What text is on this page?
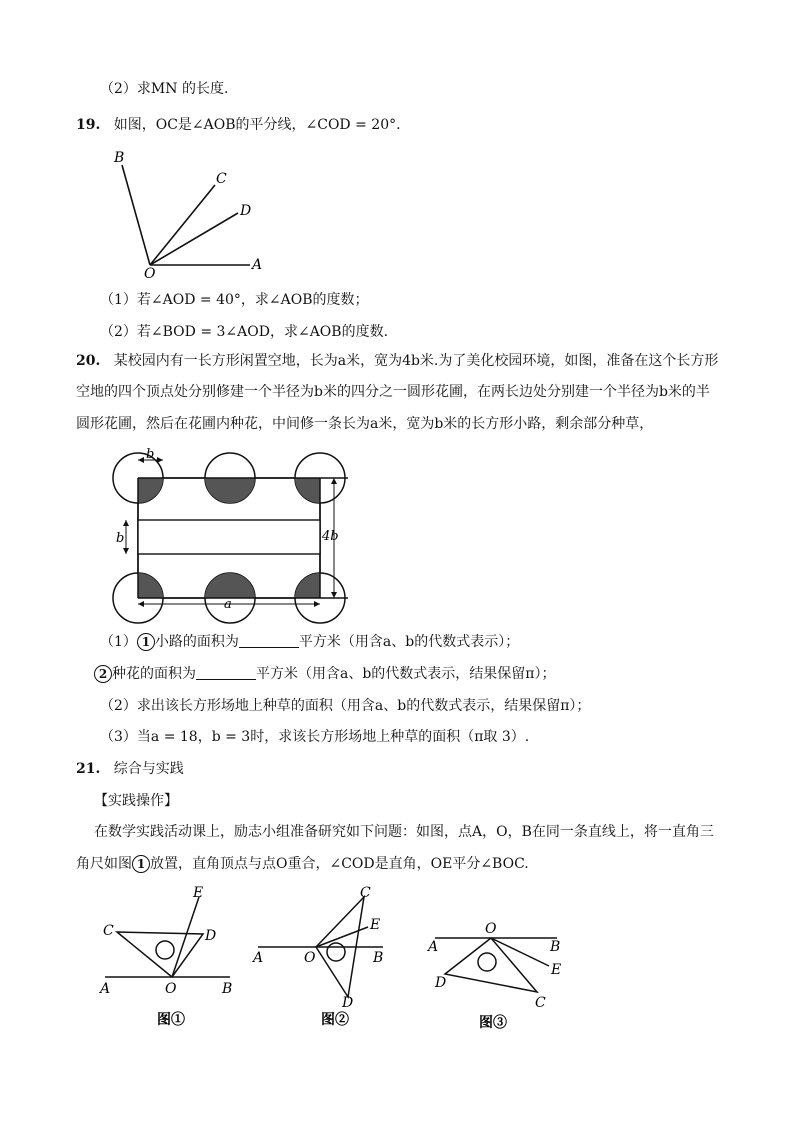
（2）求MN 的长度.
19. 如图，OC是∠AOB的平分线，∠COD = 20°.
B
C
D
O
A
（1）若∠AOD = 40°，求∠AOB的度数；
（2）若∠BOD = 3∠AOD，求∠AOB的度数.
20. 某校园内有一长方形闲置空地，长为a米，宽为4b米.为了美化校园环境，如图，准备在这个长方形
空地的四个顶点处分别修建一个半径为b米的四分之一圆形花圃，在两长边处分别建一个半径为b米的半
圆形花圃，然后在花圃内种花，中间修一条长为a米，宽为b米的长方形小路，剩余部分种草，
b
b	4b
a
（1） 1 小路的面积为	平方米（用含a、b的代数式表示）；
2 种花的面积为	平方米（用含a、b的代数式表示，结果保留π）；
（2）求出该长方形场地上种草的面积（用含a、b的代数式表示，结果保留π）；
（3）当a = 18，b = 3时，求该长方形场地上种草的面积（π取 3）.
21. 综合与实践
【实践操作】
在数学实践活动课上，励志小组准备研究如下问题：如图，点A，O，B在同一条直线上，将一直角三
角尺如图 1 放置，直角顶点与点O重合，∠COD是直角，OE平分∠BOC.
E
C	D
A	O	B
图①
C
E
A	O	B
D
图②
O
A	B
E
D
C
图③
